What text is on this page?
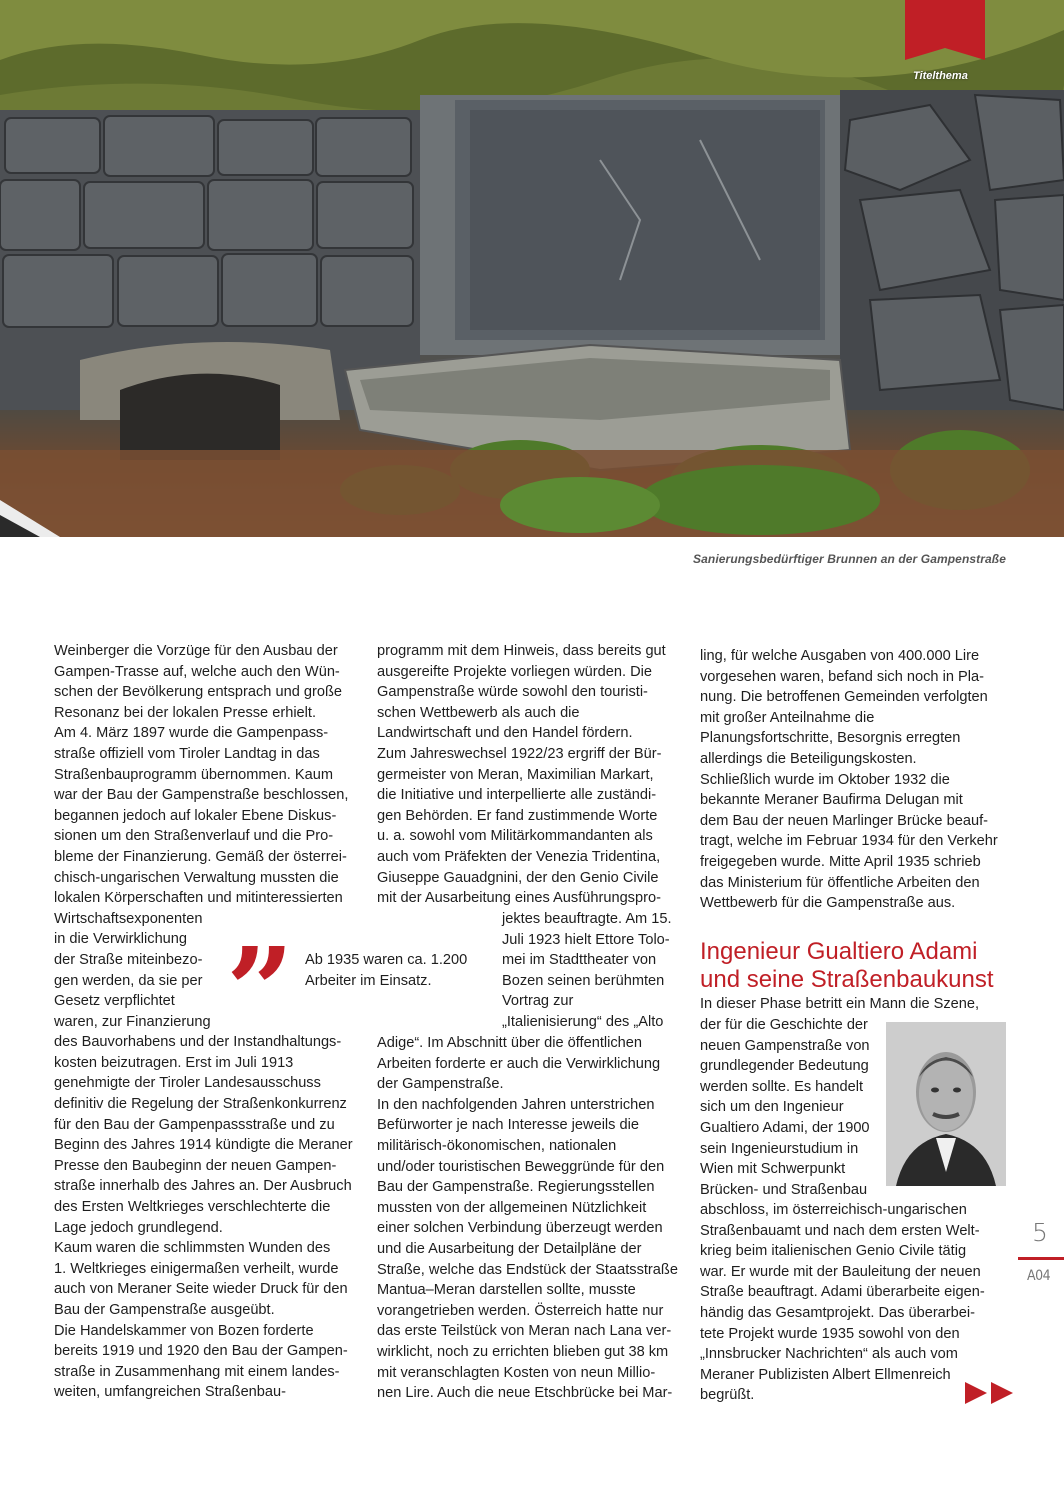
Titelthema
Sanierungsbedürftiger Brunnen an der Gampenstraße

Weinberger die Vorzüge für den Ausbau der

Gampen-Trasse auf, welche auch den Wün-

schen der Bevölkerung entsprach und große

Resonanz bei der lokalen Presse erhielt.

Am 4. März 1897 wurde die Gampenpass-

straße offiziell vom Tiroler Landtag in das

Straßenbauprogramm übernommen. Kaum

war der Bau der Gampenstraße beschlossen,

begannen jedoch auf lokaler Ebene Diskus-

sionen um den Straßenverlauf und die Pro-

bleme der Finanzierung. Gemäß der österrei-

chisch-ungarischen Verwaltung mussten die

lokalen Körperschaften und mitinteressierten

Wirtschaftsexponenten

in die Verwirklichung

der Straße miteinbezo-

gen werden, da sie per

Gesetz verpflichtet

waren, zur Finanzierung

des Bauvorhabens und der Instandhaltungs-

kosten beizutragen. Erst im Juli 1913

genehmigte der Tiroler Landesausschuss

definitiv die Regelung der Straßenkonkurrenz

für den Bau der Gampenpassstraße und zu

Beginn des Jahres 1914 kündigte die Meraner

Presse den Baubeginn der neuen Gampen-

straße innerhalb des Jahres an. Der Ausbruch

des Ersten Weltkrieges verschlechterte die

Lage jedoch grundlegend.

Kaum waren die schlimmsten Wunden des

1. Weltkrieges einigermaßen verheilt, wurde

auch von Meraner Seite wieder Druck für den

Bau der Gampenstraße ausgeübt.

Die Handelskammer von Bozen forderte

bereits 1919 und 1920 den Bau der Gampen-

straße in Zusammenhang mit einem landes-

weiten, umfangreichen Straßenbau-

” Ab 1935 waren ca. 1.200 Arbeiter im Einsatz.

programm mit dem Hinweis, dass bereits gut

ausgereifte Projekte vorliegen würden. Die

Gampenstraße würde sowohl den touristi-

schen Wettbewerb als auch die

Landwirtschaft und den Handel fördern.

Zum Jahreswechsel 1922/23 ergriff der Bür-

germeister von Meran, Maximilian Markart,

die Initiative und interpellierte alle zuständi-

gen Behörden. Er fand zustimmende Worte

u. a. sowohl vom Militärkommandanten als

auch vom Präfekten der Venezia Tridentina,

Giuseppe Gauadgnini, der den Genio Civile

mit der Ausarbeitung eines Ausführungspro-

jektes beauftragte. Am 15.

Juli 1923 hielt Ettore Tolo-

mei im Stadttheater von

Bozen seinen berühmten

Vortrag zur

„Italienisierung“ des „Alto

Adige“. Im Abschnitt über die öffentlichen

Arbeiten forderte er auch die Verwirklichung

der Gampenstraße.

In den nachfolgenden Jahren unterstrichen

Befürworter je nach Interesse jeweils die

militärisch-ökonomischen, nationalen

und/oder touristischen Beweggründe für den

Bau der Gampenstraße. Regierungsstellen

mussten von der allgemeinen Nützlichkeit

einer solchen Verbindung überzeugt werden

und die Ausarbeitung der Detailpläne der

Straße, welche das Endstück der Staatsstraße

Mantua–Meran darstellen sollte, musste

vorangetrieben werden. Österreich hatte nur

das erste Teilstück von Meran nach Lana ver-

wirklicht, noch zu errichten blieben gut 38 km

mit veranschlagten Kosten von neun Millio-

nen Lire. Auch die neue Etschbrücke bei Mar-

ling, für welche Ausgaben von 400.000 Lire

vorgesehen waren, befand sich noch in Pla-

nung. Die betroffenen Gemeinden verfolgten

mit großer Anteilnahme die

Planungsfortschritte, Besorgnis erregten

allerdings die Beteiligungskosten.

Schließlich wurde im Oktober 1932 die

bekannte Meraner Baufirma Delugan mit

dem Bau der neuen Marlinger Brücke beauf-

tragt, welche im Februar 1934 für den Verkehr

freigegeben wurde. Mitte April 1935 schrieb

das Ministerium für öffentliche Arbeiten den

Wettbewerb für die Gampenstraße aus.

Ingenieur Gualtiero Adami und seine Straßenbaukunst

In dieser Phase betritt ein Mann die Szene,

der für die Geschichte der

neuen Gampenstraße von

grundlegender Bedeutung

werden sollte. Es handelt

sich um den Ingenieur

Gualtiero Adami, der 1900

sein Ingenieurstudium in

Wien mit Schwerpunkt

Brücken- und Straßenbau

abschloss, im österreichisch-ungarischen

Straßenbauamt und nach dem ersten Welt-

krieg beim italienischen Genio Civile tätig

war. Er wurde mit der Bauleitung der neuen

Straße beauftragt. Adami überarbeite eigen-

händig das Gesamtprojekt. Das überarbei-

tete Projekt wurde 1935 sowohl von den

„Innsbrucker Nachrichten“ als auch vom

Meraner Publizisten Albert Ellmenreich

begrüßt.

5
A04
